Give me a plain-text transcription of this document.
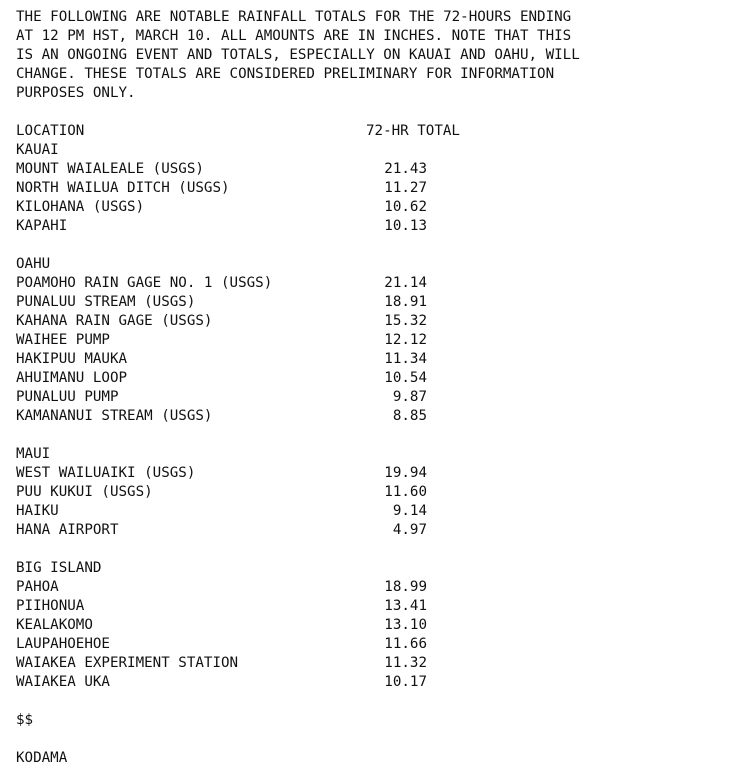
THE FOLLOWING ARE NOTABLE RAINFALL TOTALS FOR THE 72-HOURS ENDING
AT 12 PM HST, MARCH 10. ALL AMOUNTS ARE IN INCHES. NOTE THAT THIS
IS AN ONGOING EVENT AND TOTALS, ESPECIALLY ON KAUAI AND OAHU, WILL
CHANGE. THESE TOTALS ARE CONSIDERED PRELIMINARY FOR INFORMATION
PURPOSES ONLY.

LOCATION

	72-HR TOTAL

KAUAI
MOUNT WAIALEALE (USGS)	21.43
NORTH WAILUA DITCH (USGS)	11.27
KILOHANA (USGS)	10.62
KAPAHI	10.13
OAHU
POAMOHO RAIN GAGE NO. 1 (USGS)	21.14
PUNALUU STREAM (USGS)	18.91
KAHANA RAIN GAGE (USGS)	15.32
WAIHEE PUMP	12.12
HAKIPUU MAUKA	11.34
AHUIMANU LOOP	10.54
PUNALUU PUMP	9.87
KAMANANUI STREAM (USGS)	8.85
MAUI
WEST WAILUAIKI (USGS)	19.94
PUU KUKUI (USGS)	11.60
HAIKU	9.14
HANA AIRPORT	4.97
BIG ISLAND
PAHOA	18.99
PIIHONUA	13.41
KEALAKOMO	13.10
LAUPAHOEHOE	11.66
WAIAKEA EXPERIMENT STATION	11.32
WAIAKEA UKA	10.17
$$
KODAMA
